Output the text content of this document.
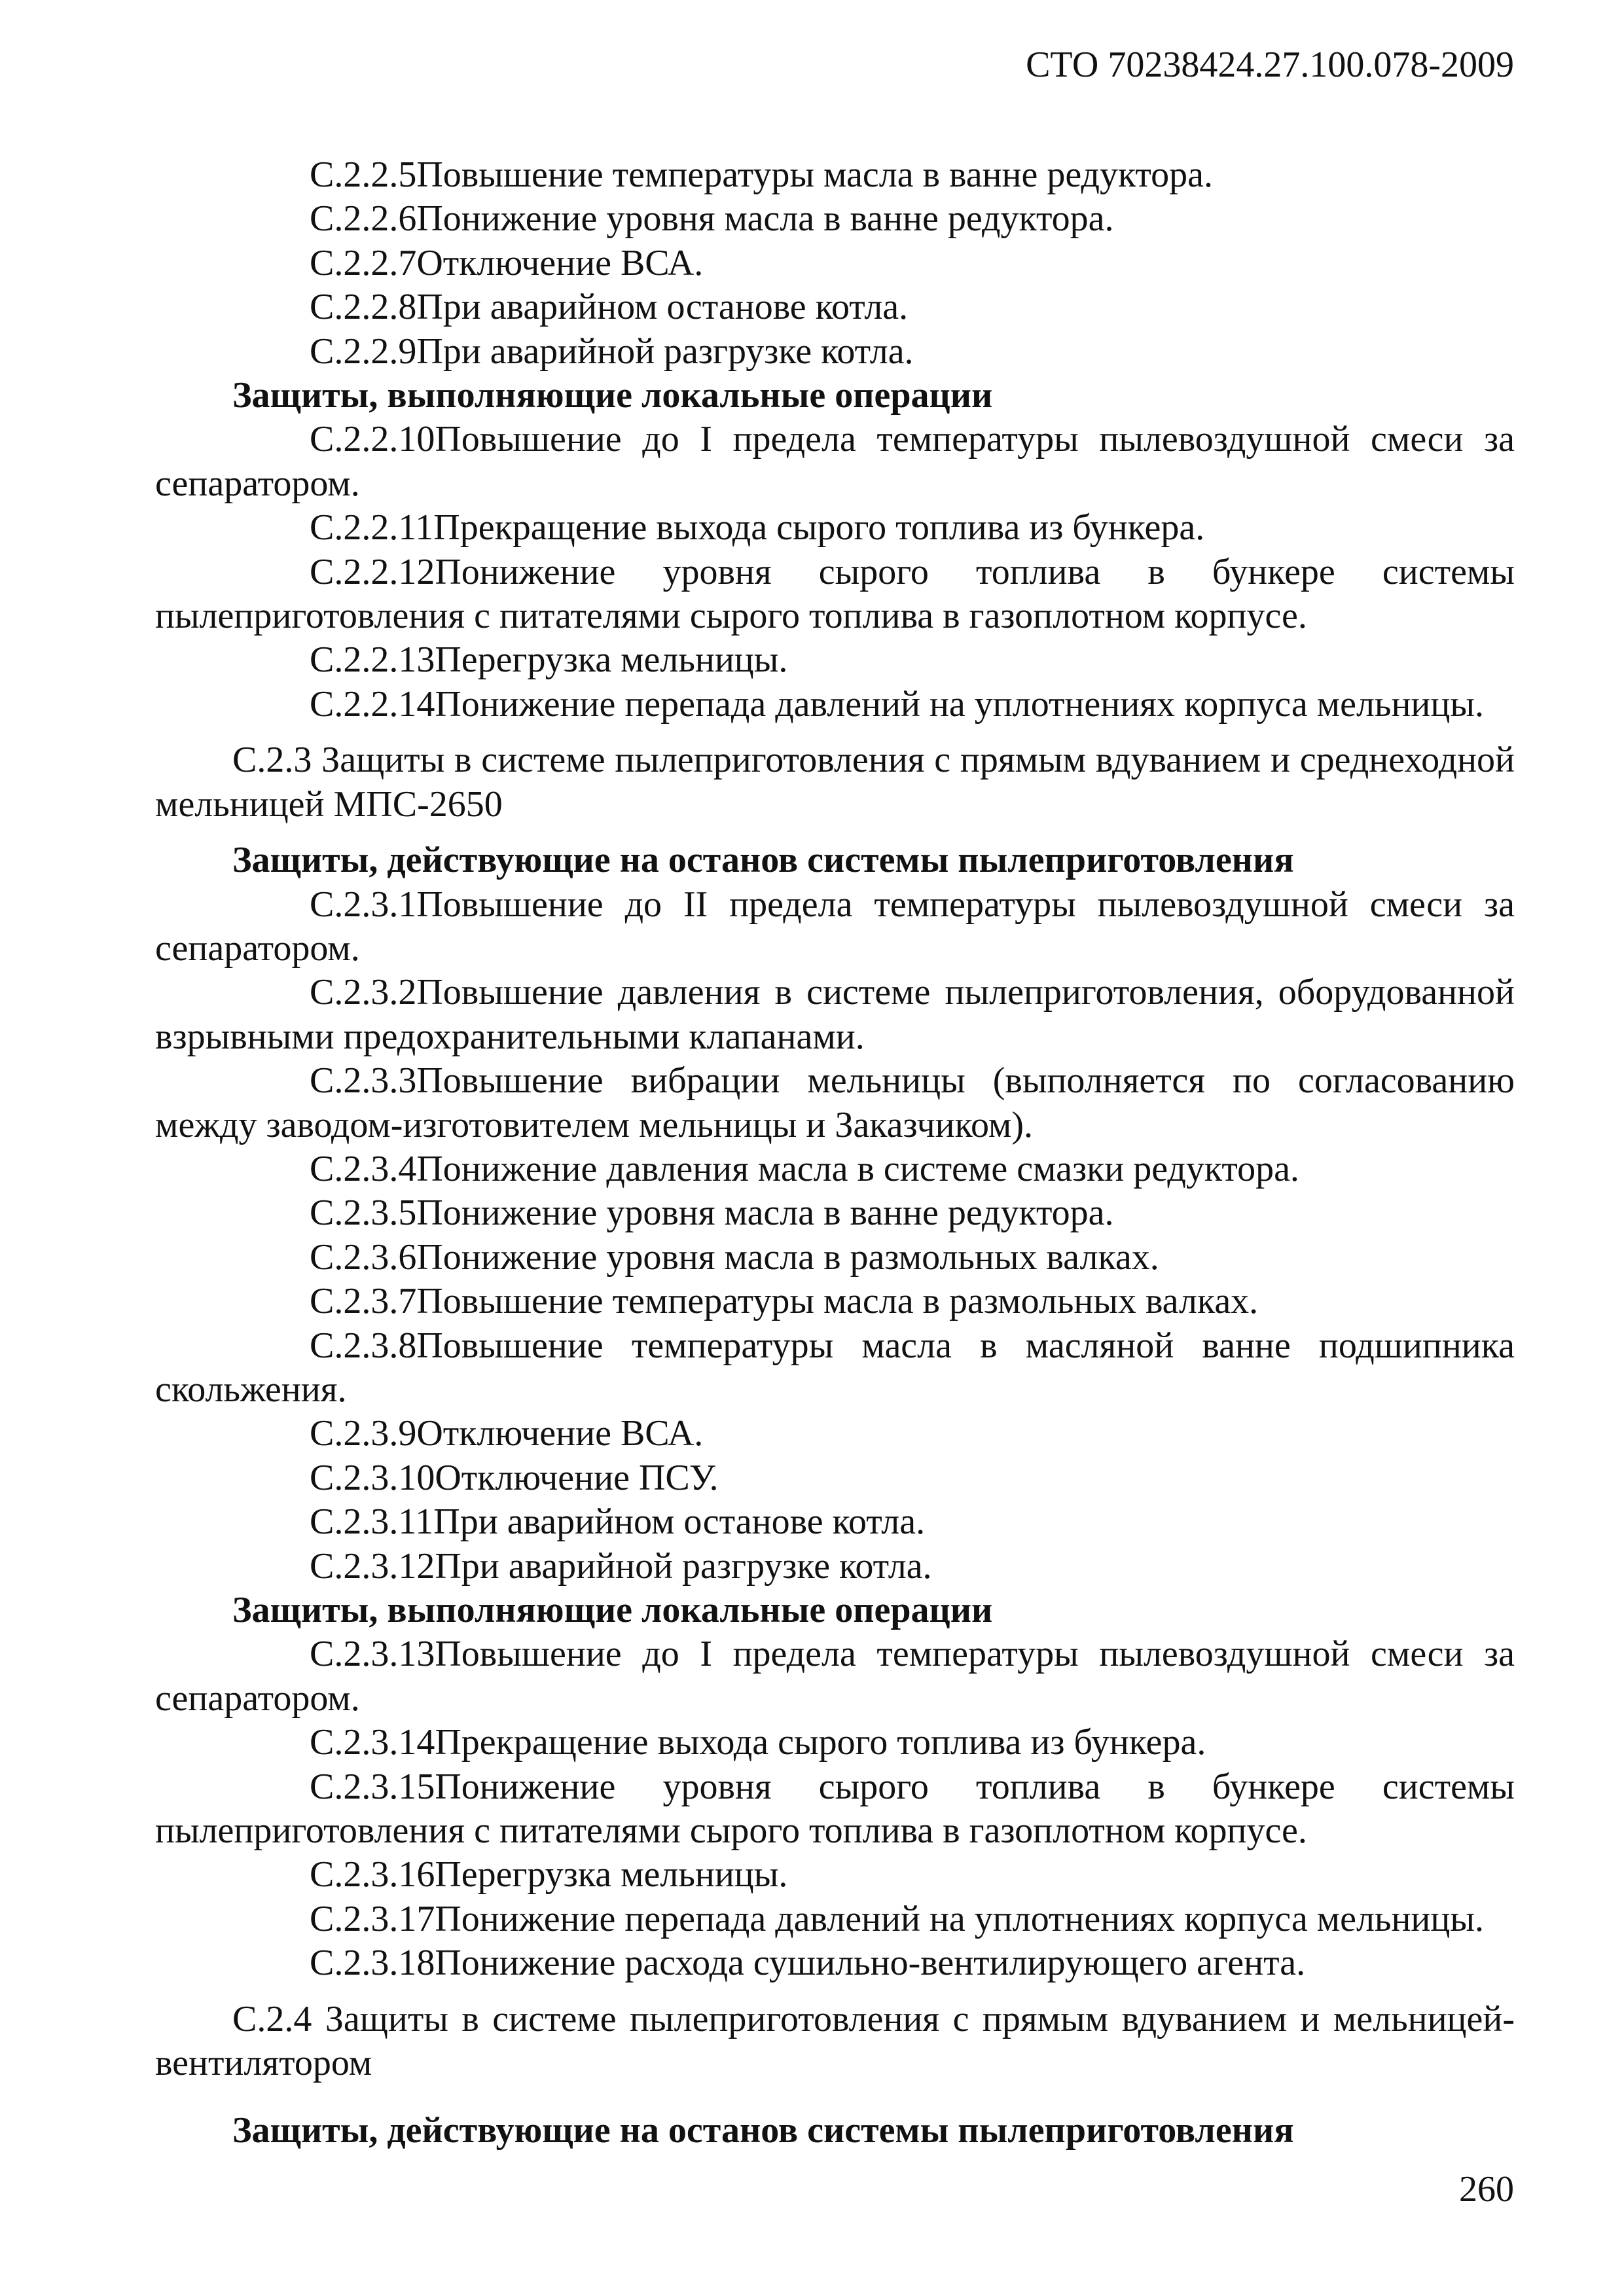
СТО 70238424.27.100.078-2009

С.2.2.5Повышение температуры масла в ванне редуктора.

С.2.2.6Понижение уровня масла в ванне редуктора.

С.2.2.7Отключение ВСА.

С.2.2.8При аварийном останове котла.

С.2.2.9При аварийной разгрузке котла.

Защиты, выполняющие локальные операции

С.2.2.10Повышение до I предела температуры пылевоздушной смеси за сепаратором.

С.2.2.11Прекращение выхода сырого топлива из бункера.

С.2.2.12Понижение уровня сырого топлива в бункере системы пылеприготовления с питателями сырого топлива в газоплотном корпусе.

С.2.2.13Перегрузка мельницы.

С.2.2.14Понижение перепада давлений на уплотнениях корпуса мельницы.

С.2.3 Защиты в системе пылеприготовления с прямым вдуванием и среднеходной мельницей МПС-2650

Защиты, действующие на останов системы пылеприготовления

С.2.3.1Повышение до II предела температуры пылевоздушной смеси за сепаратором.

С.2.3.2Повышение давления в системе пылеприготовления, оборудованной взрывными предохранительными клапанами.

С.2.3.3Повышение вибрации мельницы (выполняется по согласованию между заводом-изготовителем мельницы и Заказчиком).

С.2.3.4Понижение давления масла в системе смазки редуктора.

С.2.3.5Понижение уровня масла в ванне редуктора.

С.2.3.6Понижение уровня масла в размольных валках.

С.2.3.7Повышение температуры масла в размольных валках.

С.2.3.8Повышение температуры масла в масляной ванне подшипника скольжения.

С.2.3.9Отключение ВСА.

С.2.3.10Отключение ПСУ.

С.2.3.11При аварийном останове котла.

С.2.3.12При аварийной разгрузке котла.

Защиты, выполняющие локальные операции

С.2.3.13Повышение до I предела температуры пылевоздушной смеси за сепаратором.

С.2.3.14Прекращение выхода сырого топлива из бункера.

С.2.3.15Понижение уровня сырого топлива в бункере системы пылеприготовления с питателями сырого топлива в газоплотном корпусе.

С.2.3.16Перегрузка мельницы.

С.2.3.17Понижение перепада давлений на уплотнениях корпуса мельницы.

С.2.3.18Понижение расхода сушильно-вентилирующего агента.

С.2.4 Защиты в системе пылеприготовления с прямым вдуванием и мельницей-вентилятором

Защиты, действующие на останов системы пылеприготовления

260
